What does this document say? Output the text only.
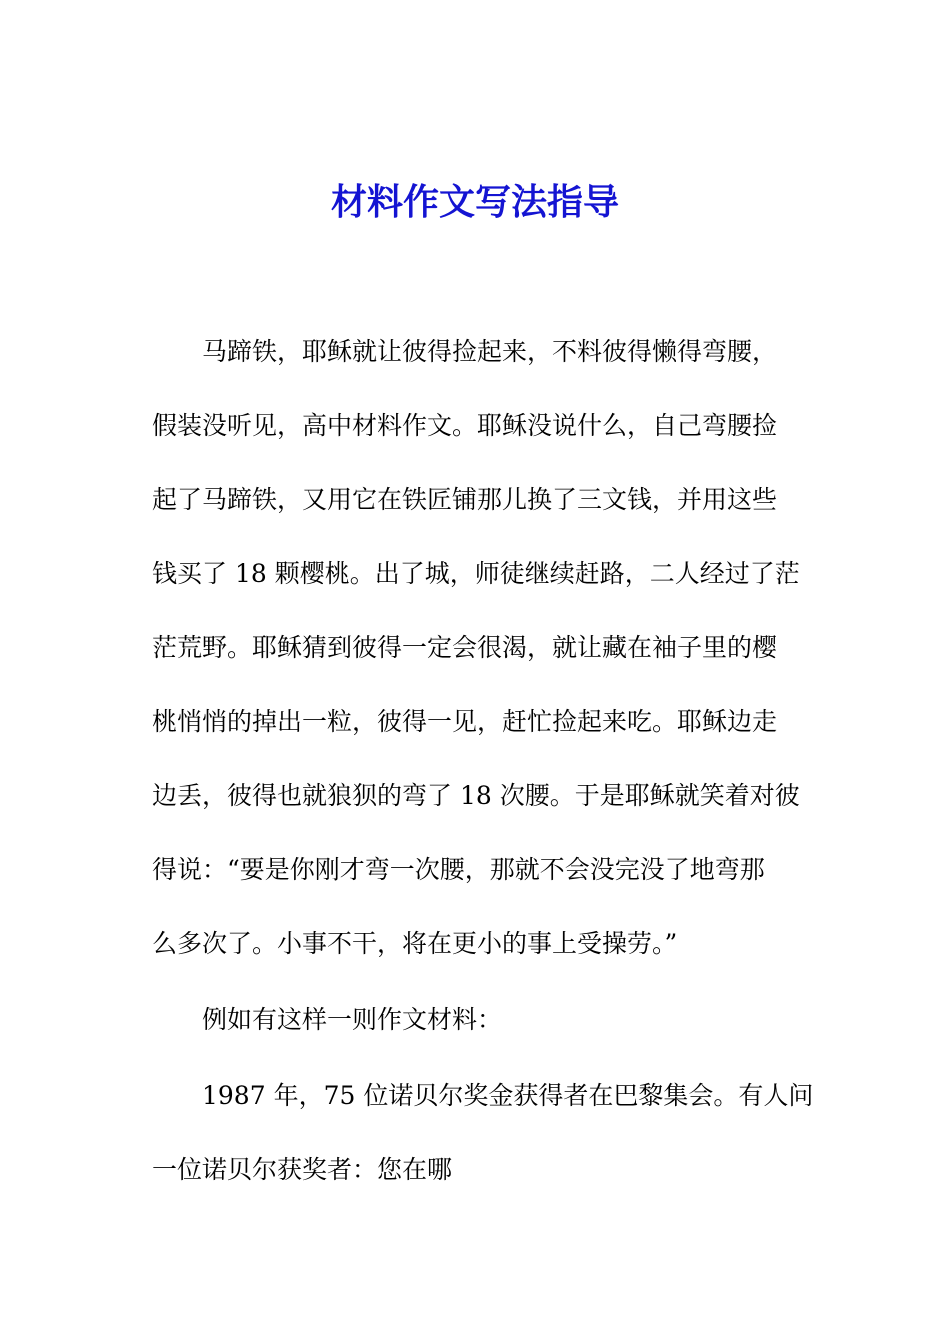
材料作文写法指导

马蹄铁，耶稣就让彼得捡起来，不料彼得懒得弯腰，

假装没听见，高中材料作文。耶稣没说什么，自己弯腰捡

起了马蹄铁，又用它在铁匠铺那儿换了三文钱，并用这些

钱买了 18 颗樱桃。出了城，师徒继续赶路，二人经过了茫

茫荒野。耶稣猜到彼得一定会很渴，就让藏在袖子里的樱

桃悄悄的掉出一粒，彼得一见，赶忙捡起来吃。耶稣边走

边丢，彼得也就狼狈的弯了 18 次腰。于是耶稣就笑着对彼

得说：“要是你刚才弯一次腰，那就不会没完没了地弯那

么多次了。小事不干，将在更小的事上受操劳。”

例如有这样一则作文材料：

1987 年，75 位诺贝尔奖金获得者在巴黎集会。有人问

一位诺贝尔获奖者：您在哪
